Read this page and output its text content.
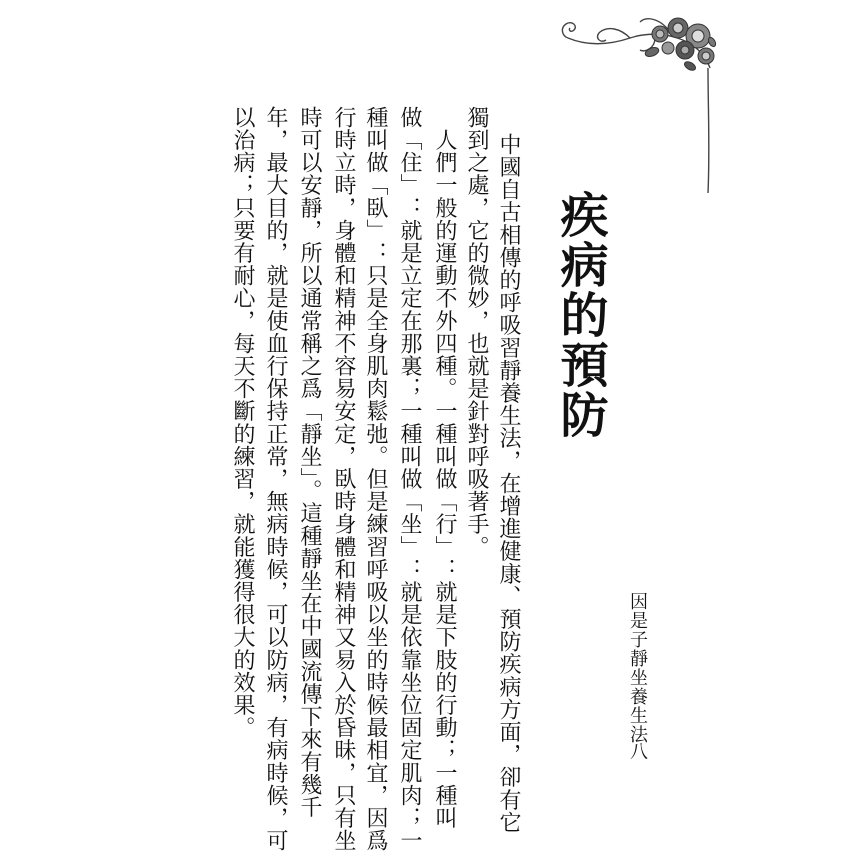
疾病的預防
中國自古相傳的呼吸習靜養生法，在增進健康、預防疾病方面，卻有它
獨到之處，它的微妙，也就是針對呼吸著手。
　人們一般的運動不外四種。一種叫做「行」：就是下肢的行動；一種叫
做「住」：就是立定在那裏；一種叫做「坐」：就是依靠坐位固定肌肉；一
種叫做「臥」：只是全身肌肉鬆弛。但是練習呼吸以坐的時候最相宜，因爲
行時立時，身體和精神不容易安定，臥時身體和精神又易入於昏昧，只有坐
時可以安靜，所以通常稱之爲「靜坐」。這種靜坐在中國流傳下來有幾千
年，最大目的，就是使血行保持正常，無病時候，可以防病，有病時候，可
以治病；只要有耐心，每天不斷的練習，就能獲得很大的效果。	因是子靜坐養生法
八
